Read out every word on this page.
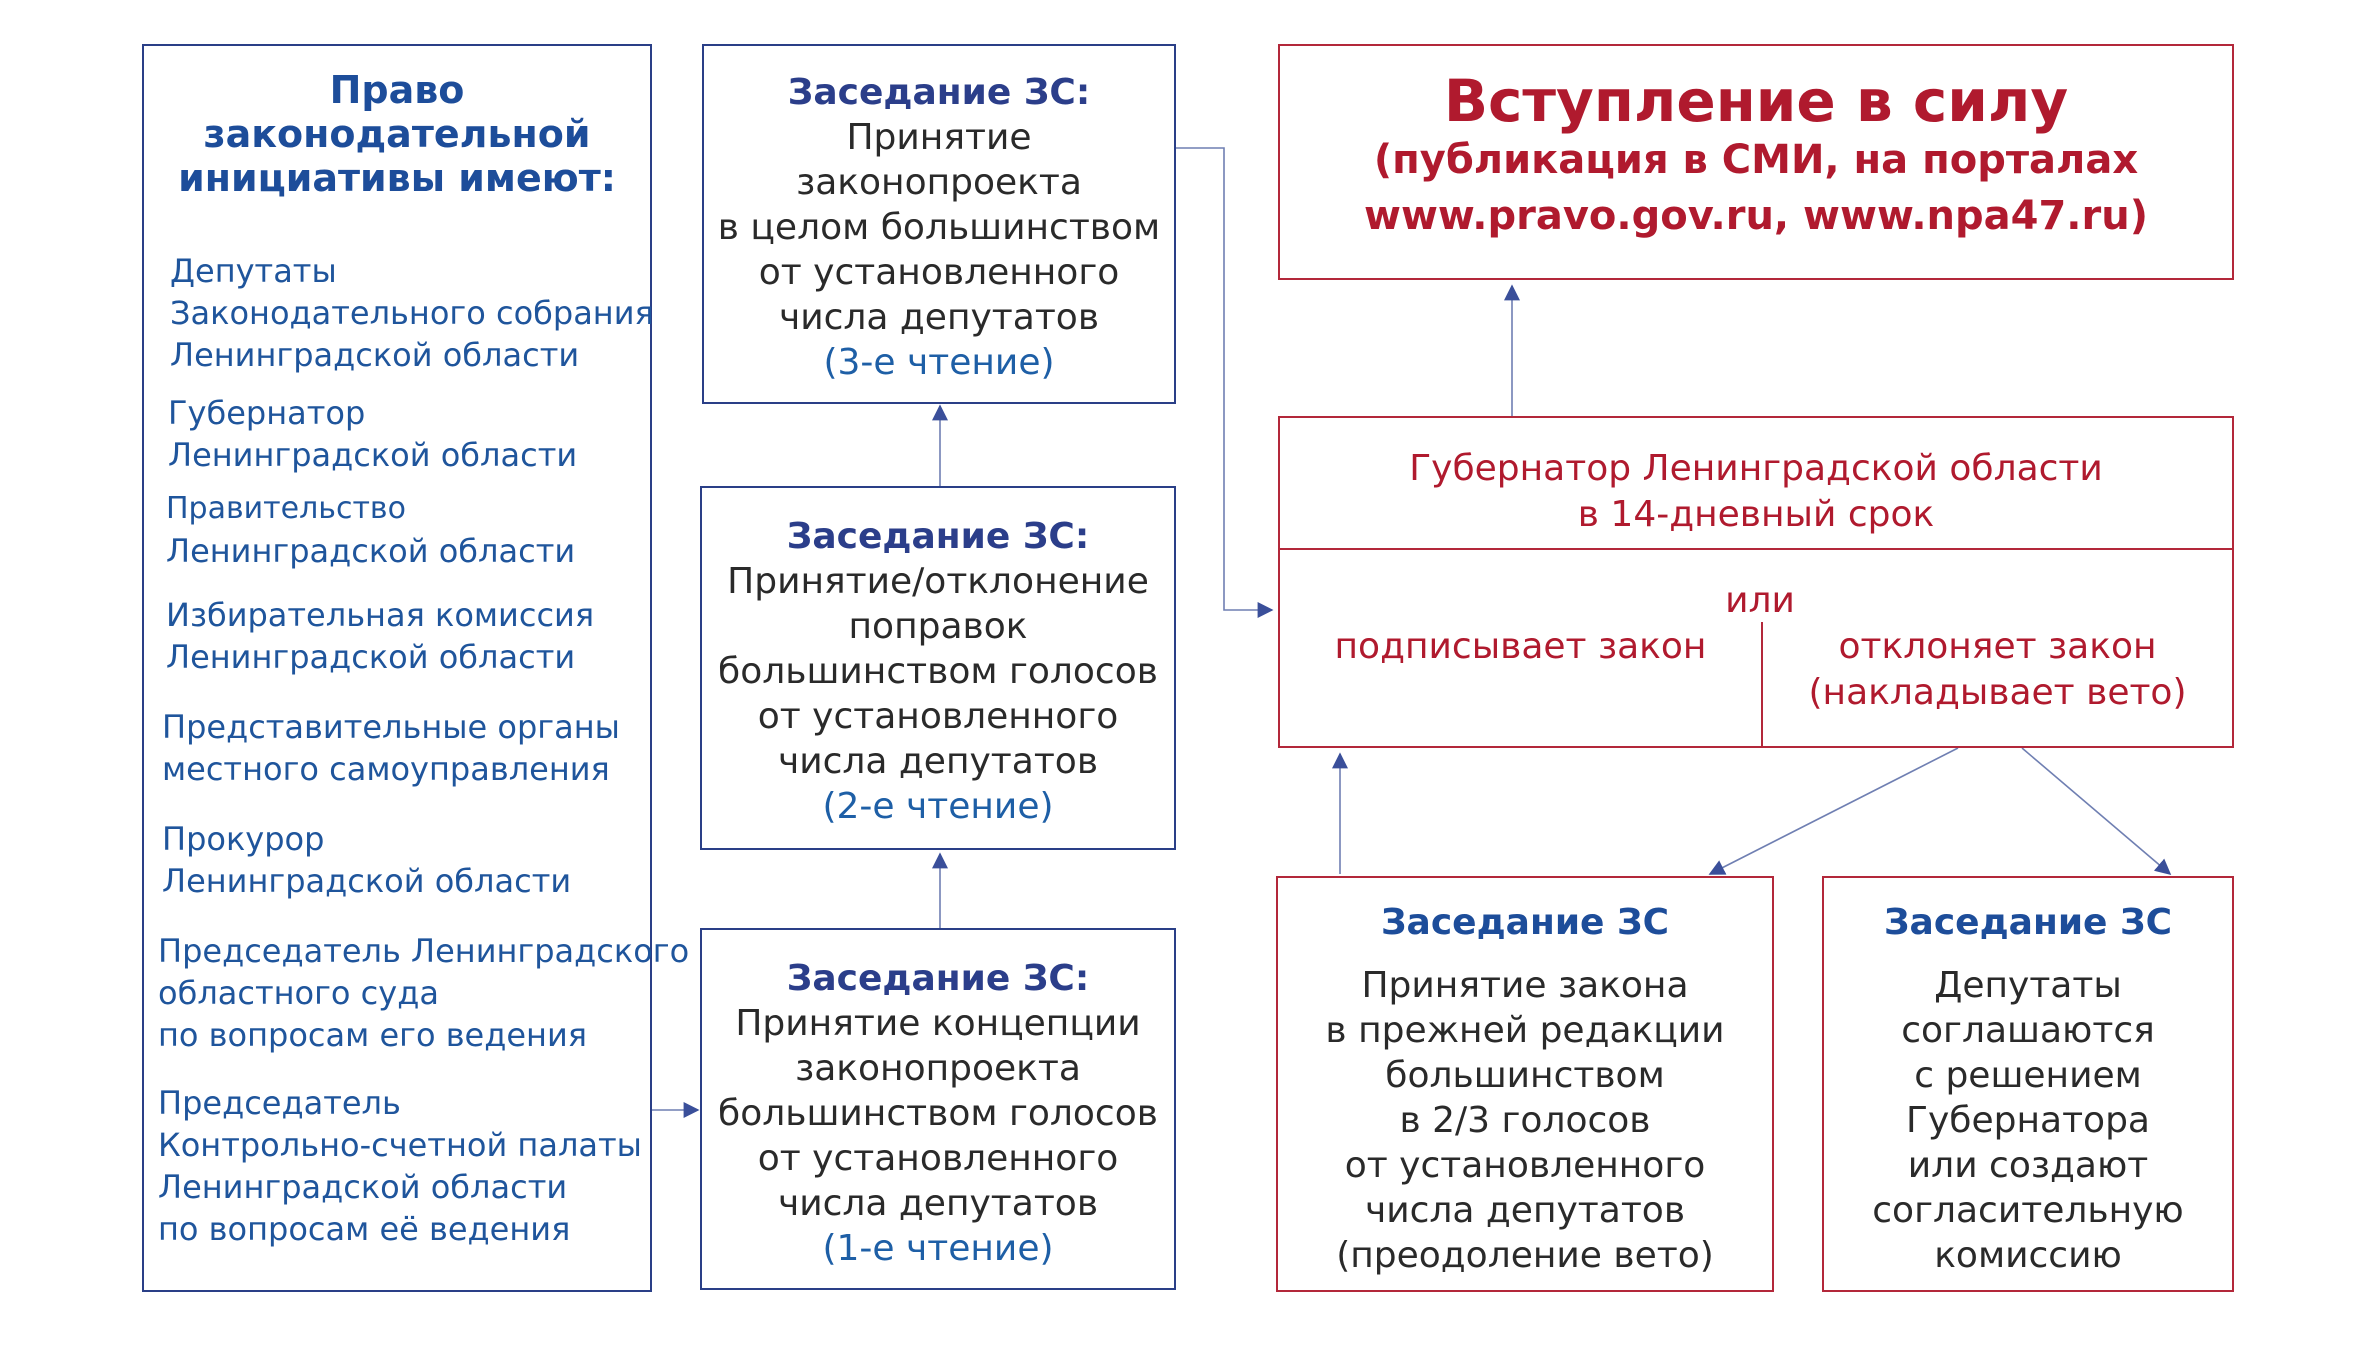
Право
законодательной
инициативы имеют:
Депутаты
Законодательного собрания
Ленинградской области
Губернатор
Ленинградской области
Правительство
Ленинградской области
Избирательная комиссия
Ленинградской области
Представительные органы
местного самоуправления
Прокурор
Ленинградской области
Председатель Ленинградского
областного суда
по вопросам его ведения
Председатель
Контрольно-счетной палаты
Ленинградской области
по вопросам её ведения
Заседание ЗС:
Принятие
законопроекта
в целом большинством
от установленного
числа депутатов
(3-е чтение)
Заседание ЗС:
Принятие/отклонение
поправок
большинством голосов
от установленного
числа депутатов
(2-е чтение)
Заседание ЗС:
Принятие концепции
законопроекта
большинством голосов
от установленного
числа депутатов
(1-е чтение)
Вступление в силу
(публикация в СМИ, на порталах
www.pravo.gov.ru, www.npa47.ru)
Губернатор Ленинградской области
в 14-дневный срок
или
подписывает закон	отклоняет закон
(накладывает вето)
Заседание ЗС
Принятие закона
в прежней редакции
большинством
в 2/3 голосов
от установленного
числа депутатов
(преодоление вето)
Заседание ЗС
Депутаты
соглашаются
с решением
Губернатора
или создают
согласительную
комиссию
